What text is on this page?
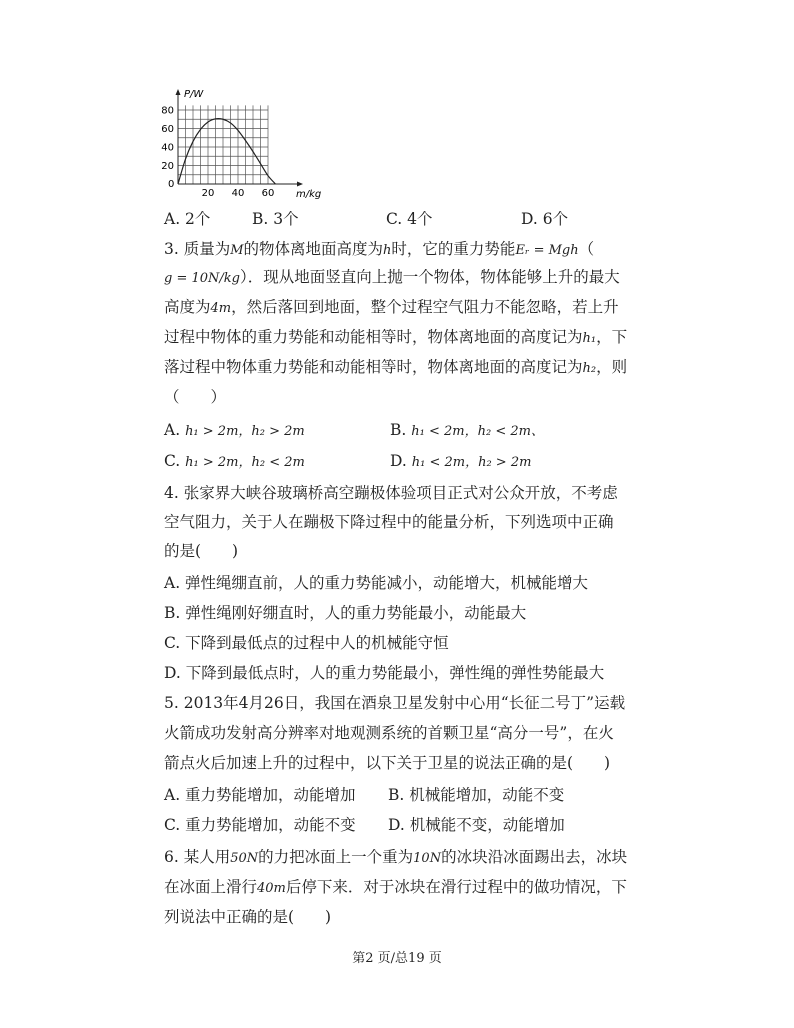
P/W
m/kg
0
20
40
60
80
20 40 60
A. 2个	B. 3个	C. 4个	D. 6个
3. 质量为M的物体离地面高度为h时，它的重力势能Eᵣ = Mgh（
g = 10N/kg）．现从地面竖直向上抛一个物体，物体能够上升的最大
高度为4m，然后落回到地面，整个过程空气阻力不能忽略，若上升
过程中物体的重力势能和动能相等时，物体离地面的高度记为h₁，下
落过程中物体重力势能和动能相等时，物体离地面的高度记为h₂，则
（　　）
A. h₁ > 2m，h₂ > 2m	B. h₁ < 2m，h₂ < 2m、
C. h₁ > 2m，h₂ < 2m	D. h₁ < 2m，h₂ > 2m
4. 张家界大峡谷玻璃桥高空蹦极体验项目正式对公众开放，不考虑
空气阻力，关于人在蹦极下降过程中的能量分析，下列选项中正确
的是(　　)
A. 弹性绳绷直前，人的重力势能减小，动能增大，机械能增大
B. 弹性绳刚好绷直时，人的重力势能最小，动能最大
C. 下降到最低点的过程中人的机械能守恒
D. 下降到最低点时，人的重力势能最小，弹性绳的弹性势能最大
5. 2013年4月26日，我国在酒泉卫星发射中心用“长征二号丁”运载
火箭成功发射高分辨率对地观测系统的首颗卫星“高分一号”，在火
箭点火后加速上升的过程中，以下关于卫星的说法正确的是(　　)
A. 重力势能增加，动能增加 B. 机械能增加，动能不变
C. 重力势能增加，动能不变 D. 机械能不变，动能增加
6. 某人用50N的力把冰面上一个重为10N的冰块沿冰面踢出去，冰块
在冰面上滑行40m后停下来．对于冰块在滑行过程中的做功情况，下
列说法中正确的是(　　)
第2 页/总19 页
